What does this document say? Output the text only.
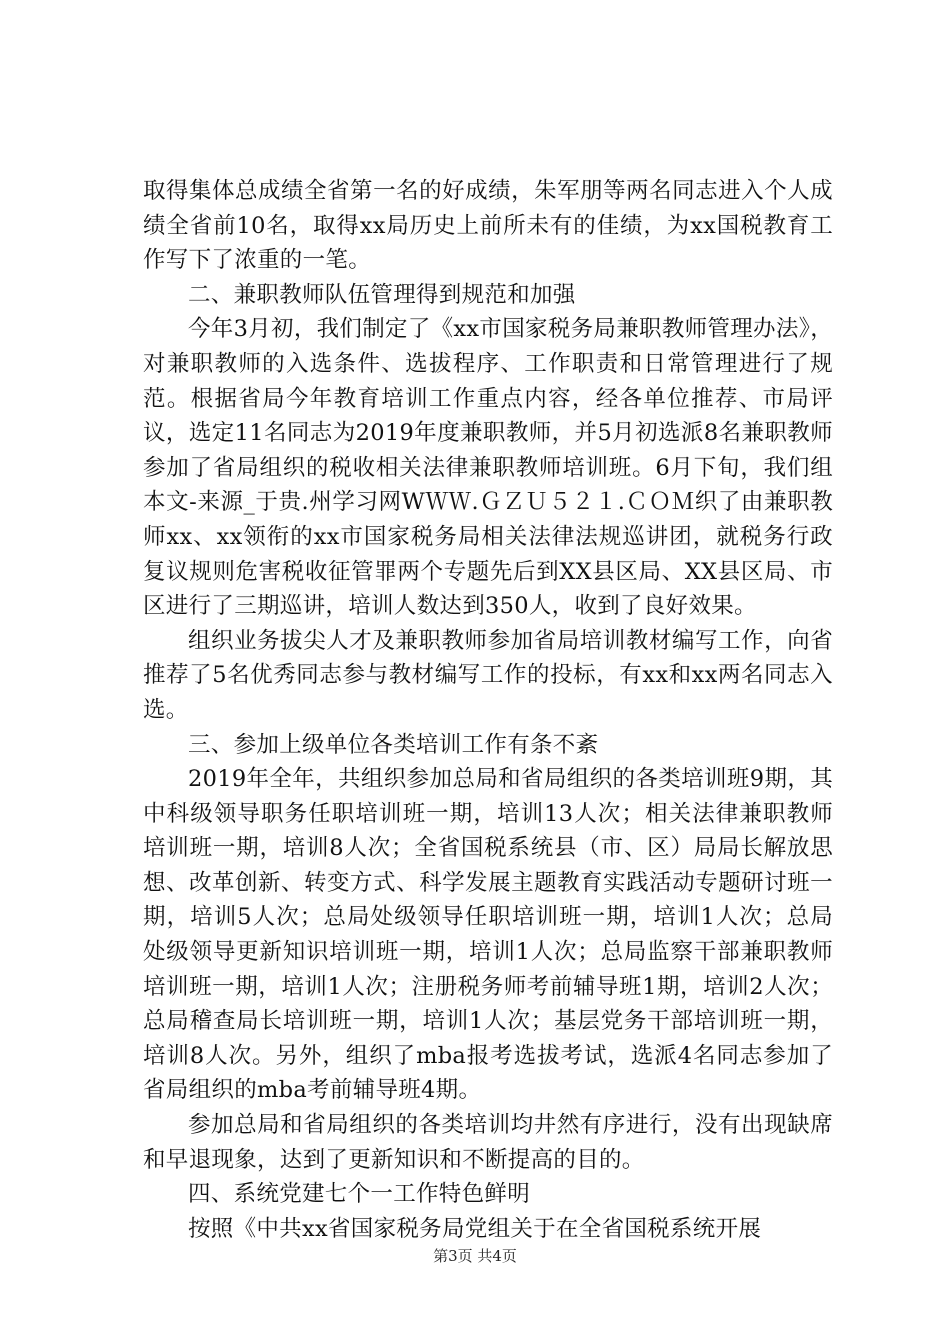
取得集体总成绩全省第一名的好成绩，朱军朋等两名同志进入个人成绩全省前10名，取得xx局历史上前所未有的佳绩，为xx国税教育工作写下了浓重的一笔。

二、兼职教师队伍管理得到规范和加强

今年3月初，我们制定了《xx市国家税务局兼职教师管理办法》，对兼职教师的入选条件、选拔程序、工作职责和日常管理进行了规范。根据省局今年教育培训工作重点内容，经各单位推荐、市局评议，选定11名同志为2019年度兼职教师，并5月初选派8名兼职教师参加了省局组织的税收相关法律兼职教师培训班。6月下旬，我们组本文-来源_于贵.州学习网WＷＷ.ＧＺＵ５２１.ＣＯＭ织了由兼职教师xx、xx领衔的xx市国家税务局相关法律法规巡讲团，就税务行政复议规则危害税收征管罪两个专题先后到XX县区局、XX县区局、市区进行了三期巡讲，培训人数达到350人，收到了良好效果。

组织业务拔尖人才及兼职教师参加省局培训教材编写工作，向省推荐了5名优秀同志参与教材编写工作的投标，有xx和xx两名同志入选。

三、参加上级单位各类培训工作有条不紊

2019年全年，共组织参加总局和省局组织的各类培训班9期，其中科级领导职务任职培训班一期，培训13人次；相关法律兼职教师培训班一期，培训8人次；全省国税系统县（市、区）局局长解放思想、改革创新、转变方式、科学发展主题教育实践活动专题研讨班一期，培训5人次；总局处级领导任职培训班一期，培训1人次；总局处级领导更新知识培训班一期，培训1人次；总局监察干部兼职教师培训班一期，培训1人次；注册税务师考前辅导班1期，培训2人次；总局稽查局长培训班一期，培训1人次；基层党务干部培训班一期，培训8人次。另外，组织了mba报考选拔考试，选派4名同志参加了省局组织的mba考前辅导班4期。

参加总局和省局组织的各类培训均井然有序进行，没有出现缺席和早退现象，达到了更新知识和不断提高的目的。

四、系统党建七个一工作特色鲜明

按照《中共xx省国家税务局党组关于在全省国税系统开展

第3页 共4页
